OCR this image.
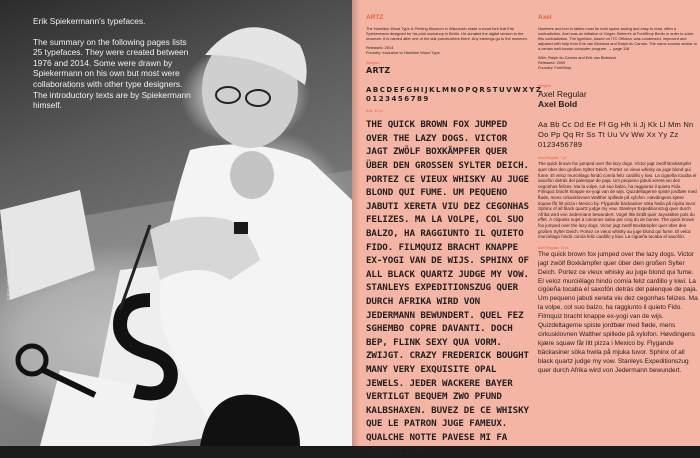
Erik Spiekermann's typefaces.

The summary on the following pages lists 25 typefaces. They were created between 1976 and 2014. Some were drawn by Spiekermann on his own but most were collaborations with other type designers. The introductory texts are by Spiekermann himself.

ERIK SPIEKERMANN

ARTZ

The Hamilton Wood Type & Printing Museum in Wisconsin made a wood font that Erik Spiekermann designed for his print workshop in Berlin. He donated the digital version to the museum. It is named after one of the last punchcutters there. Any earnings go to the museum.

Released: 2014

Foundry: exclusive to Hamilton Wood Type

Weights

ARTZ

ABCDEFGHIJKLMNOPQRSTUVWXYZ

0123456789

Artz, 12 pt

THE QUICK BROWN FOX JUMPED OVER THE LAZY DOGS. VICTOR JAGT ZWÖLF BOXKÄMPFER QUER ÜBER DEN GROSSEN SYLTER DEICH. PORTEZ CE VIEUX WHISKY AU JUGE BLOND QUI FUME. UM PEQUENO JABUTI XERETA VIU DEZ CEGONHAS FELIZES. MA LA VOLPE, COL SUO BALZO, HA RAGGIUNTO IL QUIETO FIDO. FILMQUIZ BRACHT KNAPPE EX-YOGI VAN DE WIJS. SPHINX OF ALL BLACK QUARTZ JUDGE MY VOW. STANLEYS EXPEDITIONSZUG QUER DURCH AFRIKA WIRD VON JEDERMANN BEWUNDERT. QUEL FEZ SGHEMBO COPRE DAVANTI. DOCH BEP, FLINK SEXY QUA VORM. ZWIJGT. CRAZY FREDERICK BOUGHT MANY VERY EXQUISITE OPAL JEWELS. JEDER WACKERE BAYER VERTILGT BEQUEM ZWO PFUND KALBSHAXEN. BUVEZ DE CE WHISKY QUE LE PATRON JUGE FAMEUX. QUALCHE NOTTE PAVESE MI FA SBADIGLIARE.

Axel

Numbers and text in tables must be both space-saving and easy to read, often a contradiction. Axel was an initiative of Jürgen Siebert's at FontShop Berlin in order to solve this contradiction. The typeface, based on ITC Officina, was condensed, improved and adjusted with help from Erik van Blokland and Ralph du Carrois. The name sounds similar to a certain well-known computer program. → page 118

With: Ralph du Carrois and Erik van Blokland

Released: 2009

Foundry: FontShop

Weights

Axel Regular

Axel Bold

Aa Bb Cc Dd Ee Ff Gg Hh Ii Jj Kk Ll Mm Nn Oo Pp Qq Rr Ss Tt Uu Vv Ww Xx Yy Zz

0123456789

Axel Regular, 7 pt

The quick brown fox jumped over the lazy dogs. Victor jagt zwölf Boxkämpfer quer über den großen Sylter Deich. Portez ce vieux whisky au juge blond qui fume. El veloz murciélago hindú comía feliz cardillo y kiwi. La cigüeña tocaba el saxofón detrás del palenque de paja. Um pequeno jabuti xereta viu dez cegonhas felizes. Ma la volpe, col suo balzo, ha raggiunto il quieto Fido. Filmquiz bracht knappe ex-yogi van de wijs. Quizdeltagerne spiste jordbær med fløde, mens cirkusklovnen Walther spillede på xylofon. Høvdingens kjære squaw får litt pizza i Mexico by. Flygande bäckasiner söka hwila på mjuka tuvor. Sphinx of all black quartz judge my vow. Stanleys Expeditionszug quer durch Afrika wird von Jedermann bewundert. Vogel Iltis brüllt quer Jayvatikse pols du effet. À cliquetis sujet à colonnes salsa par cinq du de bonne. The quick brown fox jumped over the lazy dogs. Victor jagt zwölf Boxkämpfer quer über den großen Sylter Deich. Portez ce vieux whisky au juge blond qui fume. El veloz murciélago hindú comía feliz cardillo y kiwi. La cigüeña tocaba el saxofón.

Axel Regular, 10 pt

The quick brown fox jumped over the lazy dogs. Victor jagt zwölf Boxkämpfer quer über den großen Sylter Deich. Portez ce vieux whisky au juge blond qui fume. El veloz murciélago hindú comía feliz cardillo y kiwi. La cigüeña tocaba el saxofón detrás del palenque de paja. Um pequeno jabuti xereta viu dez cegonhas felizes. Ma la volpe, col suo balzo, ha raggiunto il quieto Fido. Filmquiz bracht knappe ex-yogi van de wijs. Quizdeltagerne spiste jordbær med fløde, mens cirkusklovnen Walther spillede på xylofon. Høvdingens kjære squaw får litt pizza i Mexico by. Flygande bäckasiner söka hwila på mjuka tuvor. Sphinx of all black quartz judge my vow. Stanleys Expeditionszug quer durch Afrika wird von Jedermann bewundert.
